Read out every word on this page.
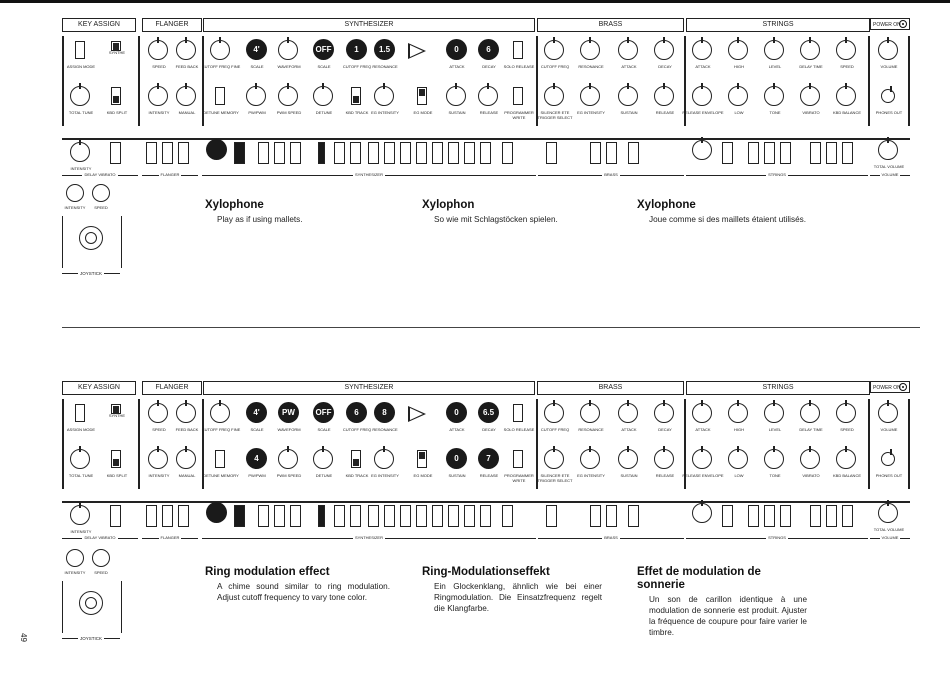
KEY ASSIGN	FLANGER	SYNTHESIZER	BRASS	STRINGS	POWER ON
ASSIGN MODE
SYNTHE
SPEED	FEED BACK CUTOFF FREQ FINE
4'
SCALE	WAVEFORM
OFF
SCALE
1
CUTOFF FREQ
1.5
RESONANCE
0
ATTACK
6
DECAY	SOLO RELEASE	CUTOFF FREQ	RESONANCE	ATTACK	DECAY	ATTACK	HIGH	LEVEL	DELAY TIME	SPEED	VOLUME
TOTAL TUNE	KBD SPLIT	INTENSITY	MANUAL	DETUNE MEMORY	PW/PWM	PWM SPEED	DETUNE	KBD TRACK EG INTENSITY	EG MODE	SUSTAIN	RELEASE	PROGRAMMER WRITE
SILENCER ETE TRIGGER SELECT
EG INTENSITY	SUSTAIN	RELEASE	RELEASE ENVELOPE	LOW	TONE	VIBRATO	KBD BALANCE	PHONES OUT
INTENSITY	TOTAL VOLUME
DELAY VIBRATO	FLANGER	SYNTHESIZER	BRASS	STRINGS	VOLUME
INTENSITY	SPEED
JOYSTICK
Xylophone

Play as if using mallets.

Xylophon

So wie mit Schlagstöcken spielen.

Xylophone

Joue comme si des maillets étaient utilisés.

KEY ASSIGN	FLANGER	SYNTHESIZER	BRASS	STRINGS	POWER ON
ASSIGN MODE
SYNTHE
SPEED	FEED BACK CUTOFF FREQ FINE
4'
SCALE
PW
WAVEFORM
OFF
SCALE
6
CUTOFF FREQ
8
RESONANCE
0
ATTACK
6.5
DECAY	SOLO RELEASE	CUTOFF FREQ	RESONANCE	ATTACK	DECAY	ATTACK	HIGH	LEVEL	DELAY TIME	SPEED	VOLUME
TOTAL TUNE	KBD SPLIT	INTENSITY	MANUAL	DETUNE MEMORY
4
PW/PWM	PWM SPEED	DETUNE	KBD TRACK EG INTENSITY	EG MODE
0
SUSTAIN
7
RELEASE	PROGRAMMER WRITE
SILENCER ETE TRIGGER SELECT
EG INTENSITY	SUSTAIN	RELEASE	RELEASE ENVELOPE	LOW	TONE	VIBRATO	KBD BALANCE	PHONES OUT
INTENSITY	TOTAL VOLUME
DELAY VIBRATO	FLANGER	SYNTHESIZER	BRASS	STRINGS	VOLUME
INTENSITY	SPEED
JOYSTICK
Ring modulation effect

A chime sound similar to ring modulation. Adjust cutoff frequency to vary tone color.

Ring-Modulationseffekt

Ein Glockenklang, ähnlich wie bei einer Ringmodulation. Die Einsatzfrequenz regelt die Klangfarbe.

Effet de modulation de sonnerie

Un son de carillon identique à une modulation de sonnerie est produit. Ajuster la fréquence de coupure pour faire varier le timbre.

49
